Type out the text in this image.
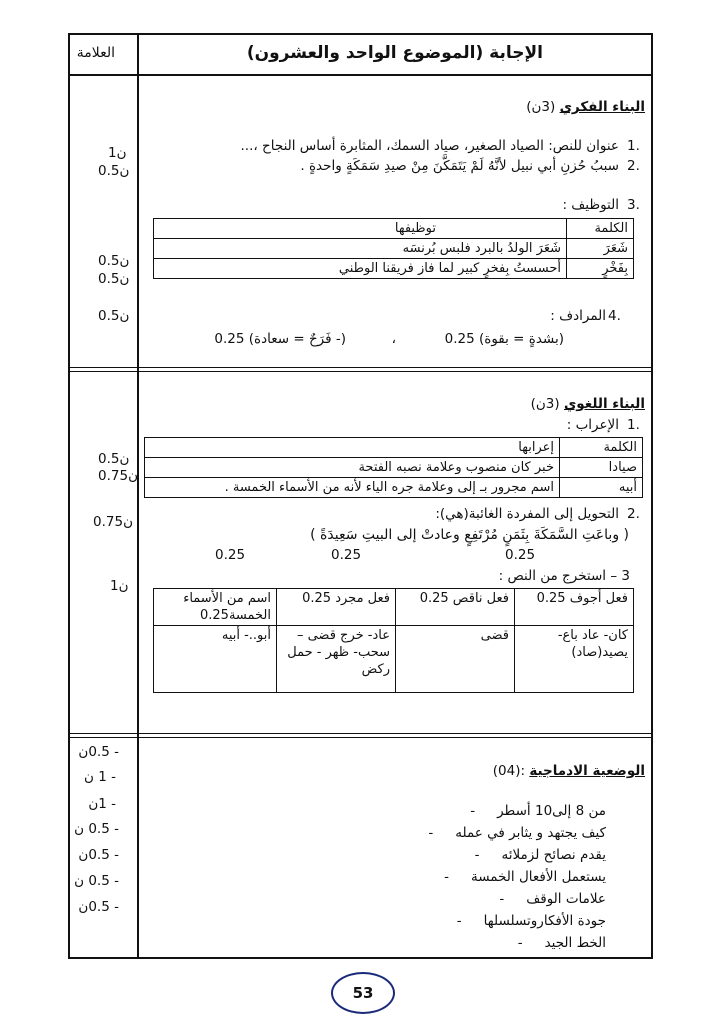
العلامة	الإجابة (الموضوع الواحد والعشرون)
البناء الفكري (3ن)
1.
عنوان للنص: الصياد الصغير، صياد السمك، المثابرة أساس النجاح ،...
2.
سببُ حُزنِ أبي نبيل لأنَّهُ لَمْ يَتَمَكَّنَ مِنْ صيدِ سَمَكَةٍ واحدةٍ .
3.
التوظيف :
الكلمة	توظيفها
شَعَرَ	شَعَرَ الولدُ بالبرد فلبس بُرنسَه
بِفَخْرٍ	أحسستُ بِفخرٍ كبير لما فاز فريقنا الوطني
4.
المرادف :
(بشدةٍ = بقوة) 0.25
،
(- فَرَحٌ = سعادة) 0.25
1ن
0.5ن
0.5ن
0.5ن
0.5ن
البناء اللغوي (3ن)
1.
الإعراب :
الكلمة	إعرابها
صيادا	خبر كان منصوب وعلامة نصبه الفتحة
أبيه	اسم مجرور بـ إلى وعلامة جره الياء لأنه من الأسماء الخمسة .
2.
التحويل إلى المفردة الغائبة(هي):
( وباعَتِ السَّمَكَةَ بِثَمَنٍ مُرْتَفِعٍ وعادتْ إلى البيتِ سَعِيدَةً )
0.25
0.25
0.25
3 – استخرج من النص :
فعل أجوف 0.25	فعل ناقص 0.25	فعل مجرد 0.25	اسم من الأسماء الخمسة0.25
كان- عاد باع- يصيد(صاد)	قضى	عاد- خرج قضى – سحب- ظهر - حمل ركض	أبو..- أبيه
0.5ن
0.75ن
0.75ن
1ن
الوضعية الادماجية :(04)
من 8 إلى10 أسطر-
كيف يجتهد و يثابر في عمله-
يقدم نصائح لزملائه-
يستعمل الأفعال الخمسة-
علامات الوقف-
جودة الأفكاروتسلسلها-
الخط الجيد-
- 0.5ن
- 1 ن
- 1ن
- 0.5 ن
- 0.5ن
- 0.5 ن
- 0.5ن
53
